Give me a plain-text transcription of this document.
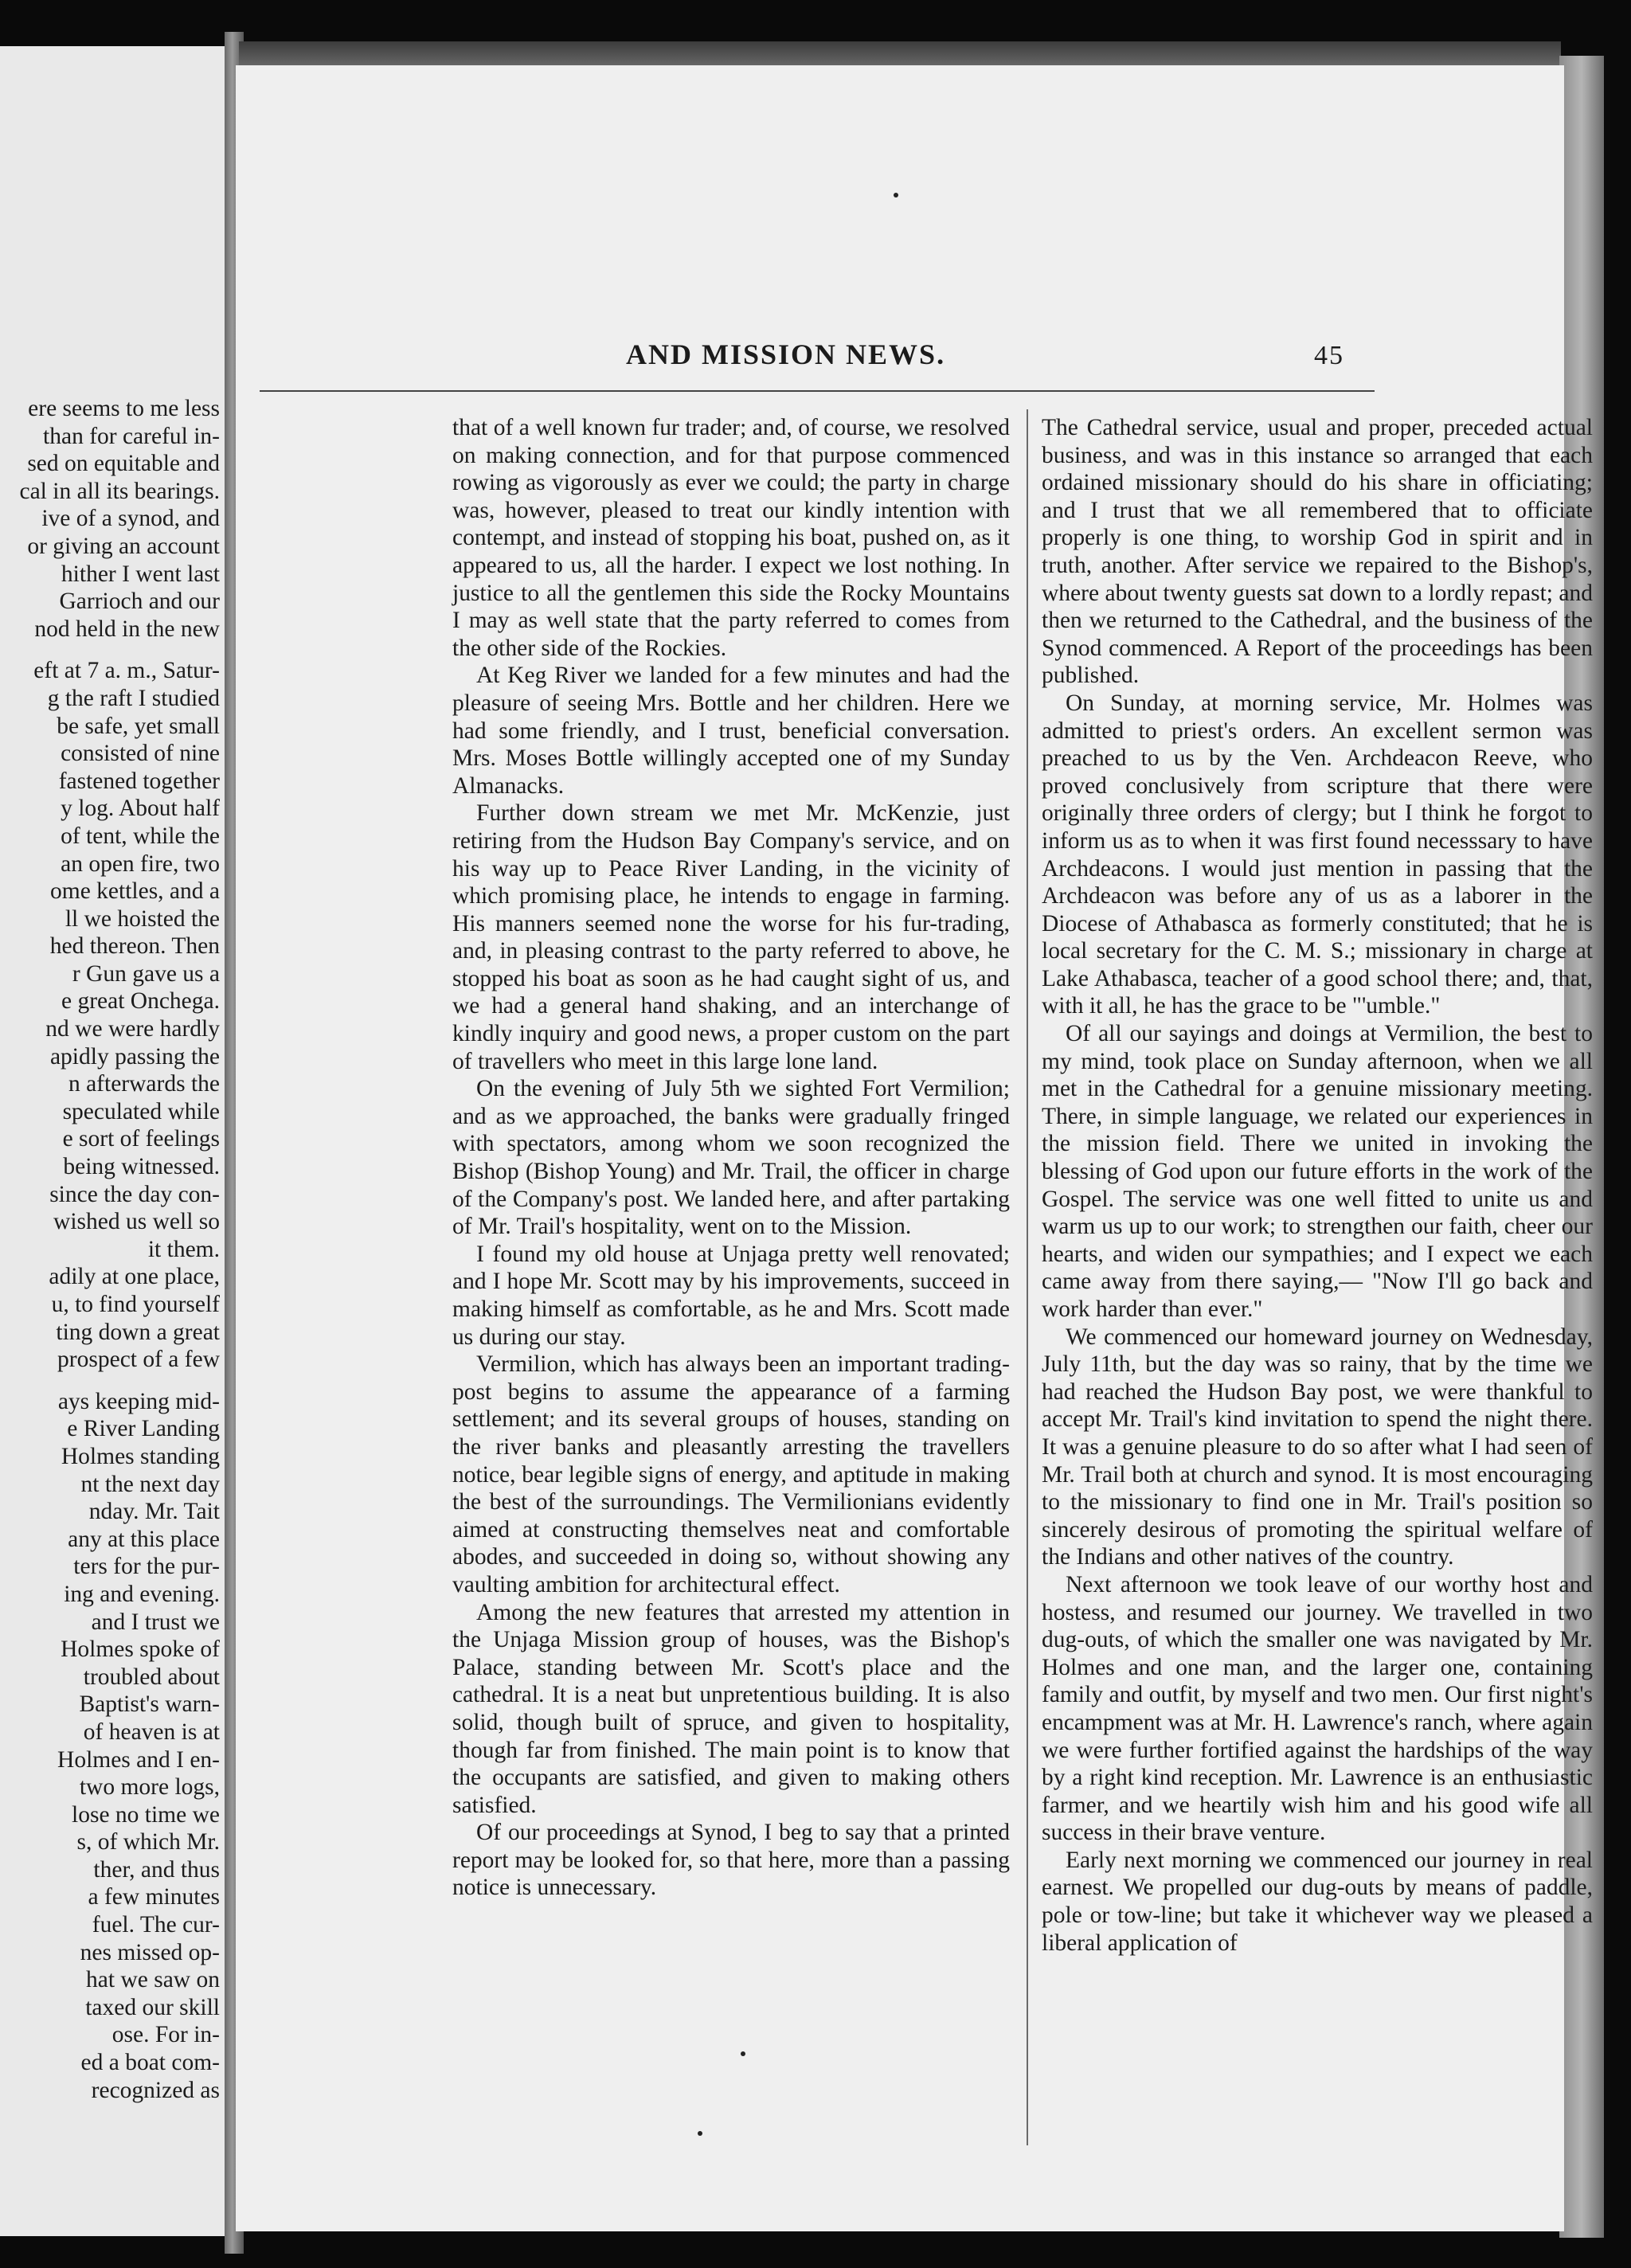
ere seems to me less
than for careful in-
sed on equitable and
cal in all its bearings.
ive of a synod, and
or giving an account
hither I went last
Garrioch and our
nod held in the new
eft at 7 a. m., Satur-
g the raft I studied
be safe, yet small
consisted of nine
fastened together
y log. About half
of tent, while the
an open fire, two
ome kettles, and a
ll we hoisted the
hed thereon. Then
r Gun gave us a
e great Onchega.
nd we were hardly
apidly passing the
n afterwards the
speculated while
e sort of feelings
being witnessed.
since the day con-
wished us well so
it them.
adily at one place,
u, to find yourself
ting down a great
prospect of a few
ays keeping mid-
e River Landing
Holmes standing
nt the next day
nday. Mr. Tait
any at this place
ters for the pur-
ing and evening.
and I trust we
Holmes spoke of
troubled about
Baptist's warn-
of heaven is at
Holmes and I en-
two more logs,
lose no time we
s, of which Mr.
ther, and thus
a few minutes
fuel. The cur-
nes missed op-
hat we saw on
taxed our skill
ose. For in-
ed a boat com-
recognized as
AND MISSION NEWS.	45

that of a well known fur trader; and, of course, we resolved on making connection, and for that purpose commenced rowing as vigorously as ever we could; the party in charge was, however, pleased to treat our kindly intention with contempt, and instead of stopping his boat, pushed on, as it appeared to us, all the harder. I expect we lost nothing. In justice to all the gentlemen this side the Rocky Mountains I may as well state that the party referred to comes from the other side of the Rockies.

At Keg River we landed for a few minutes and had the pleasure of seeing Mrs. Bottle and her children. Here we had some friendly, and I trust, beneficial conversation. Mrs. Moses Bottle willingly accepted one of my Sunday Almanacks.

Further down stream we met Mr. McKenzie, just retiring from the Hudson Bay Company's service, and on his way up to Peace River Landing, in the vicinity of which promising place, he intends to engage in farming. His manners seemed none the worse for his fur-trading, and, in pleasing contrast to the party referred to above, he stopped his boat as soon as he had caught sight of us, and we had a general hand shaking, and an interchange of kindly inquiry and good news, a proper custom on the part of travellers who meet in this large lone land.

On the evening of July 5th we sighted Fort Vermilion; and as we approached, the banks were gradually fringed with spectators, among whom we soon recognized the Bishop (Bishop Young) and Mr. Trail, the officer in charge of the Company's post. We landed here, and after partaking of Mr. Trail's hospitality, went on to the Mission.

I found my old house at Unjaga pretty well renovated; and I hope Mr. Scott may by his improvements, succeed in making himself as comfortable, as he and Mrs. Scott made us during our stay.

Vermilion, which has always been an important trading-post begins to assume the appearance of a farming settlement; and its several groups of houses, standing on the river banks and pleasantly arresting the travellers notice, bear legible signs of energy, and aptitude in making the best of the surroundings. The Vermilionians evidently aimed at constructing themselves neat and comfortable abodes, and succeeded in doing so, without showing any vaulting ambition for architectural effect.

Among the new features that arrested my attention in the Unjaga Mission group of houses, was the Bishop's Palace, standing between Mr. Scott's place and the cathedral. It is a neat but unpretentious building. It is also solid, though built of spruce, and given to hospitality, though far from finished. The main point is to know that the occupants are satisfied, and given to making others satisfied.

Of our proceedings at Synod, I beg to say that a printed report may be looked for, so that here, more than a passing notice is unnecessary.

The Cathedral service, usual and proper, preceded actual business, and was in this instance so arranged that each ordained missionary should do his share in officiating; and I trust that we all remembered that to officiate properly is one thing, to worship God in spirit and in truth, another. After service we repaired to the Bishop's, where about twenty guests sat down to a lordly repast; and then we returned to the Cathedral, and the business of the Synod commenced. A Report of the proceedings has been published.

On Sunday, at morning service, Mr. Holmes was admitted to priest's orders. An excellent sermon was preached to us by the Ven. Archdeacon Reeve, who proved conclusively from scripture that there were originally three orders of clergy; but I think he forgot to inform us as to when it was first found necesssary to have Archdeacons. I would just mention in passing that the Archdeacon was before any of us as a laborer in the Diocese of Athabasca as formerly constituted; that he is local secretary for the C. M. S.; missionary in charge at Lake Athabasca, teacher of a good school there; and, that, with it all, he has the grace to be "'umble."

Of all our sayings and doings at Vermilion, the best to my mind, took place on Sunday afternoon, when we all met in the Cathedral for a genuine missionary meeting. There, in simple language, we related our experiences in the mission field. There we united in invoking the blessing of God upon our future efforts in the work of the Gospel. The service was one well fitted to unite us and warm us up to our work; to strengthen our faith, cheer our hearts, and widen our sympathies; and I expect we each came away from there saying,— "Now I'll go back and work harder than ever."

We commenced our homeward journey on Wednesday, July 11th, but the day was so rainy, that by the time we had reached the Hudson Bay post, we were thankful to accept Mr. Trail's kind invitation to spend the night there. It was a genuine pleasure to do so after what I had seen of Mr. Trail both at church and synod. It is most encouraging to the missionary to find one in Mr. Trail's position so sincerely desirous of promoting the spiritual welfare of the Indians and other natives of the country.

Next afternoon we took leave of our worthy host and hostess, and resumed our journey. We travelled in two dug-outs, of which the smaller one was navigated by Mr. Holmes and one man, and the larger one, containing family and outfit, by myself and two men. Our first night's encampment was at Mr. H. Lawrence's ranch, where again we were further fortified against the hardships of the way by a right kind reception. Mr. Lawrence is an enthusiastic farmer, and we heartily wish him and his good wife all success in their brave venture.

Early next morning we commenced our journey in real earnest. We propelled our dug-outs by means of paddle, pole or tow-line; but take it whichever way we pleased a liberal application of
